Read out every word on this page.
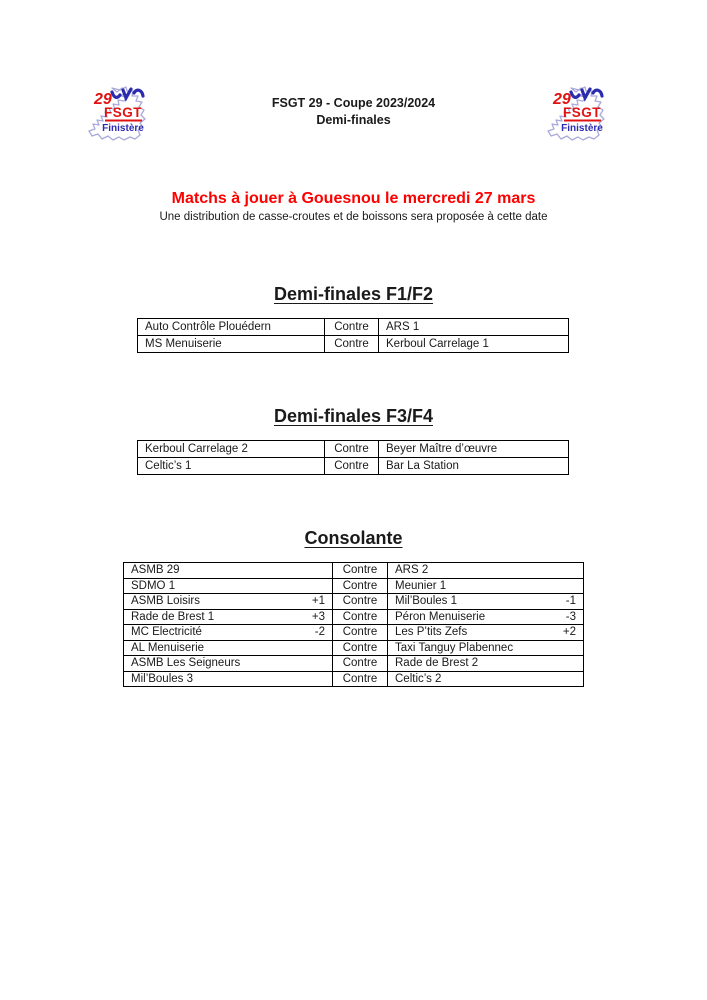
29
FSGT
Finistère
29
FSGT
Finistère
FSGT 29 - Coupe 2023/2024
Demi-finales
Matchs à jouer à Gouesnou le mercredi 27 mars
Une distribution de casse-croutes et de boissons sera proposée à cette date
Demi-finales F1/F2
Auto Contrôle Plouédern	Contre	ARS 1

MS Menuiserie	Contre	Kerboul Carrelage 1
Demi-finales F3/F4
Kerboul Carrelage 2	Contre	Beyer Maître d’œuvre

Celtic’s 1	Contre	Bar La Station
Consolante
ASMB 29	Contre	ARS 2

SDMO 1	Contre	Meunier 1

ASMB Loisirs +1	Contre	Mil’Boules 1 -1

Rade de Brest 1 +3	Contre	Péron Menuiserie -3

MC Electricité -2	Contre	Les P’tits Zefs +2

AL Menuiserie	Contre	Taxi Tanguy Plabennec

ASMB Les Seigneurs	Contre	Rade de Brest 2

Mil’Boules 3	Contre	Celtic’s 2
